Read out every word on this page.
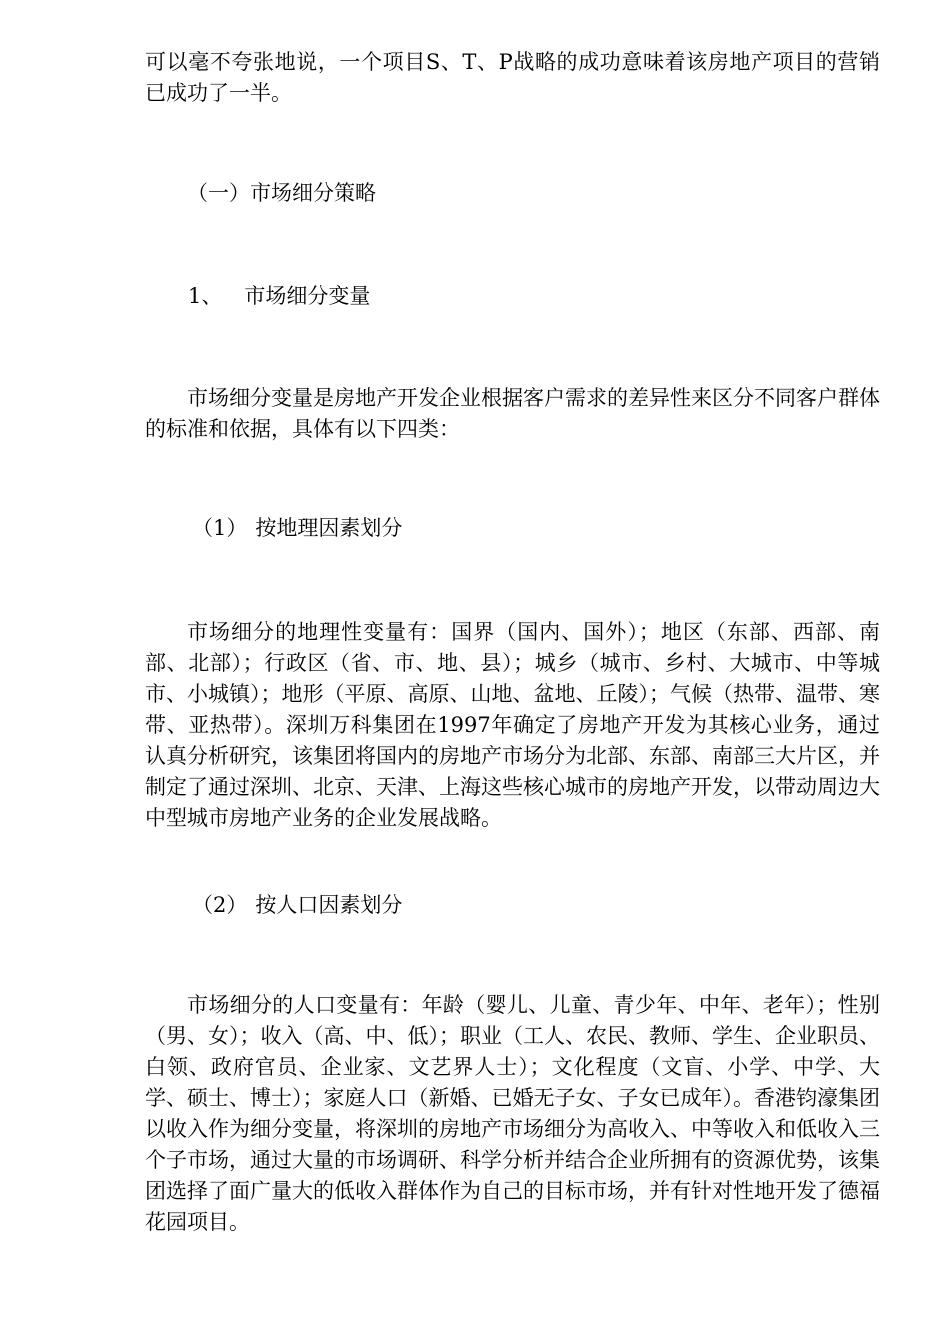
可以毫不夸张地说，一个项目S、T、P战略的成功意味着该房地产项目的营销已成功了一半。

（一）市场细分策略

1、 市场细分变量

市场细分变量是房地产开发企业根据客户需求的差异性来区分不同客户群体的标准和依据，具体有以下四类：

（1） 按地理因素划分

市场细分的地理性变量有：国界（国内、国外）；地区（东部、西部、南部、北部）；行政区（省、市、地、县）；城乡（城市、乡村、大城市、中等城市、小城镇）；地形（平原、高原、山地、盆地、丘陵）；气候（热带、温带、寒带、亚热带）。深圳万科集团在1997年确定了房地产开发为其核心业务，通过认真分析研究，该集团将国内的房地产市场分为北部、东部、南部三大片区，并制定了通过深圳、北京、天津、上海这些核心城市的房地产开发，以带动周边大中型城市房地产业务的企业发展战略。

（2） 按人口因素划分

市场细分的人口变量有：年龄（婴儿、儿童、青少年、中年、老年）；性别（男、女）；收入（高、中、低）；职业（工人、农民、教师、学生、企业职员、白领、政府官员、企业家、文艺界人士）；文化程度（文盲、小学、中学、大学、硕士、博士）；家庭人口（新婚、已婚无子女、子女已成年）。香港钧濠集团以收入作为细分变量，将深圳的房地产市场细分为高收入、中等收入和低收入三个子市场，通过大量的市场调研、科学分析并结合企业所拥有的资源优势，该集团选择了面广量大的低收入群体作为自己的目标市场，并有针对性地开发了德福花园项目。
